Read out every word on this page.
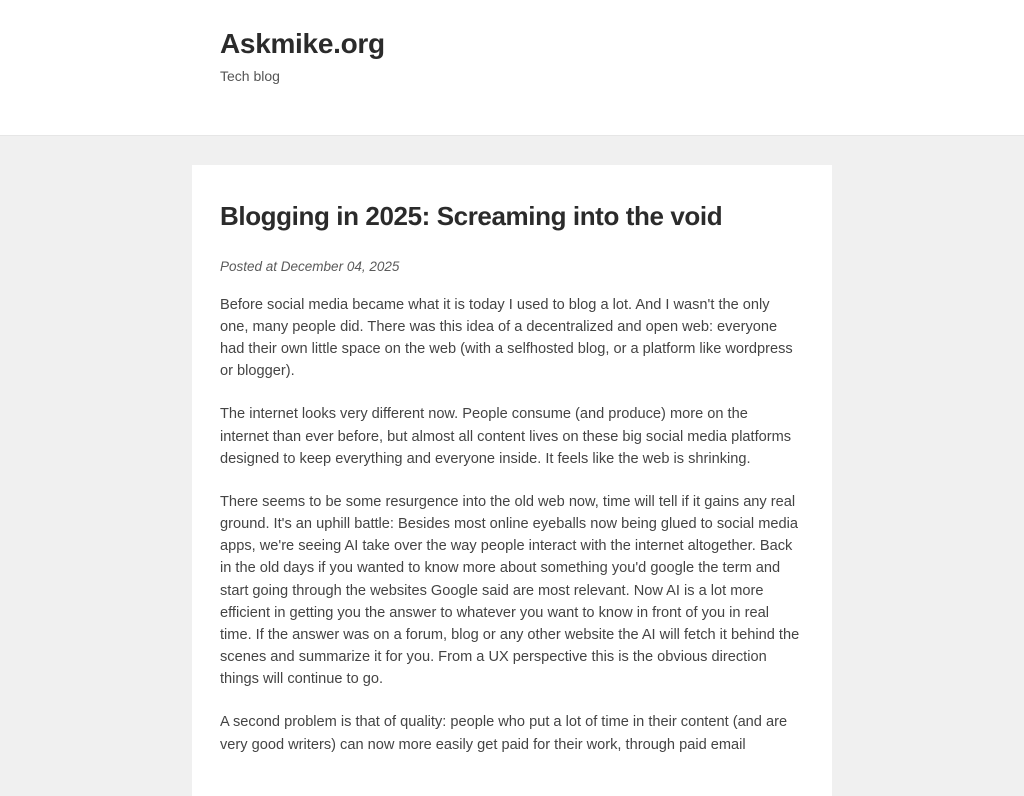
Askmike.org

Tech blog

Blogging in 2025: Screaming into the void

Posted at December 04, 2025

Before social media became what it is today I used to blog a lot. And I wasn't the only one, many people did. There was this idea of a decentralized and open web: everyone had their own little space on the web (with a selfhosted blog, or a platform like wordpress
or blogger).

The internet looks very different now. People consume (and produce) more on the internet than ever before, but almost all content lives on these big social media platforms designed to keep everything and everyone inside. It feels like the web is shrinking.

There seems to be some resurgence into the old web now, time will tell if it gains any real ground. It's an uphill battle: Besides most online eyeballs now being glued to social media apps, we're seeing AI take over the way people interact with the internet altogether. Back in the old days if you wanted to know more about something you'd google the term and start going through the websites Google said are most relevant. Now AI is a lot more efficient in getting you the answer to whatever you want to know in front of you in real time. If the answer was on a forum, blog or any other website the AI will fetch it behind the scenes and summarize it for you. From a UX perspective this is the obvious direction things will continue to go.

A second problem is that of quality: people who put a lot of time in their content (and are very good writers) can now more easily get paid for their work, through paid email
